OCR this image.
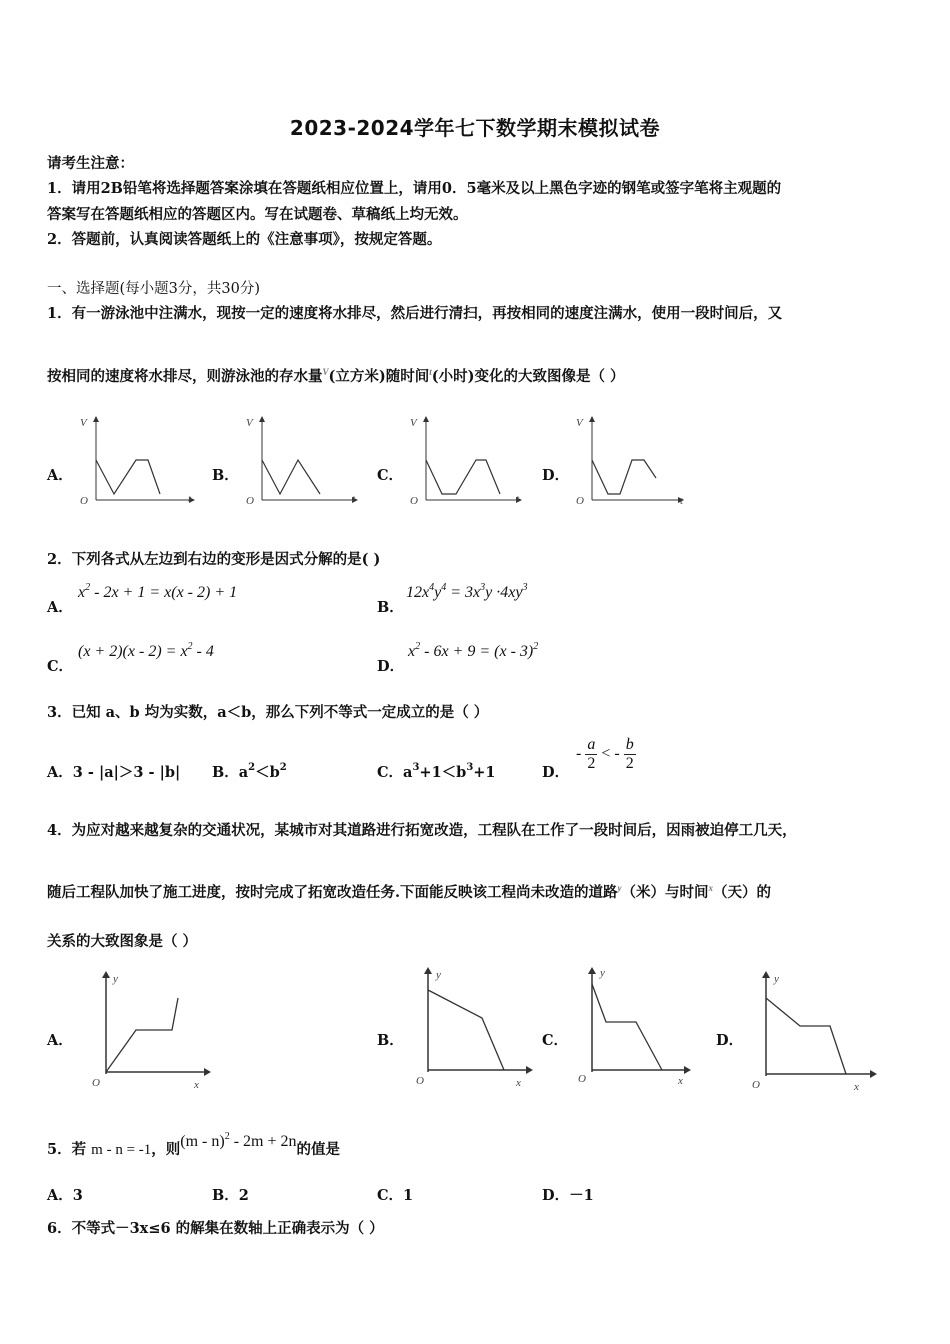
2023-2024学年七下数学期末模拟试卷
请考生注意：
1．请用2B铅笔将选择题答案涂填在答题纸相应位置上，请用0．5毫米及以上黑色字迹的钢笔或签字笔将主观题的
答案写在答题纸相应的答题区内。写在试题卷、草稿纸上均无效。
2．答题前，认真阅读答题纸上的《注意事项》，按规定答题。
一、选择题(每小题3分，共30分)
1．有一游泳池中注满水，现按一定的速度将水排尽，然后进行清扫，再按相同的速度注满水，使用一段时间后，又
按相同的速度将水排尽，则游泳池的存水量$^V$(立方米)随时间$^t$(小时)变化的大致图像是（ ）
A．
V
O	t
B．
V
O	t
C．
V
O	t
D．
V
O	t
2．下列各式从左边到右边的变形是因式分解的是( )
A．
$x^2 - 2x + 1 = x(x - 2) + 1$
B．
$12x^4y^4 = 3x^3y \cdot 4xy^3$
C．
$(x + 2)(x - 2) = x^2 - 4$
D．
$x^2 - 6x + 9 = (x - 3)^2$
3．已知 a、b 均为实数，a＜b，那么下列不等式一定成立的是（ ）
A．3 - |a|＞3 - |b| B．$a^2<b^2$	C．$a^3+1<b^3+1$	D．
- $\frac{a}{2}$ < - $\frac{b}{2}$
4．为应对越来越复杂的交通状况，某城市对其道路进行拓宽改造，工程队在工作了一段时间后，因雨被迫停工几天，
随后工程队加快了施工进度，按时完成了拓宽改造任务.下面能反映该工程尚未改造的道路$^y$（米）与时间$^x$（天）的
关系的大致图象是（ ）
A．
y
O	x
B．
y
O	x
C．
y
O	x
D．
y
O	x
5．若 m - n = -1，则(m - n)$^2$ - 2m + 2n的值是
A．3	B．2	C．1	D．－1
6．不等式－3x≤6 的解集在数轴上正确表示为（ ）
